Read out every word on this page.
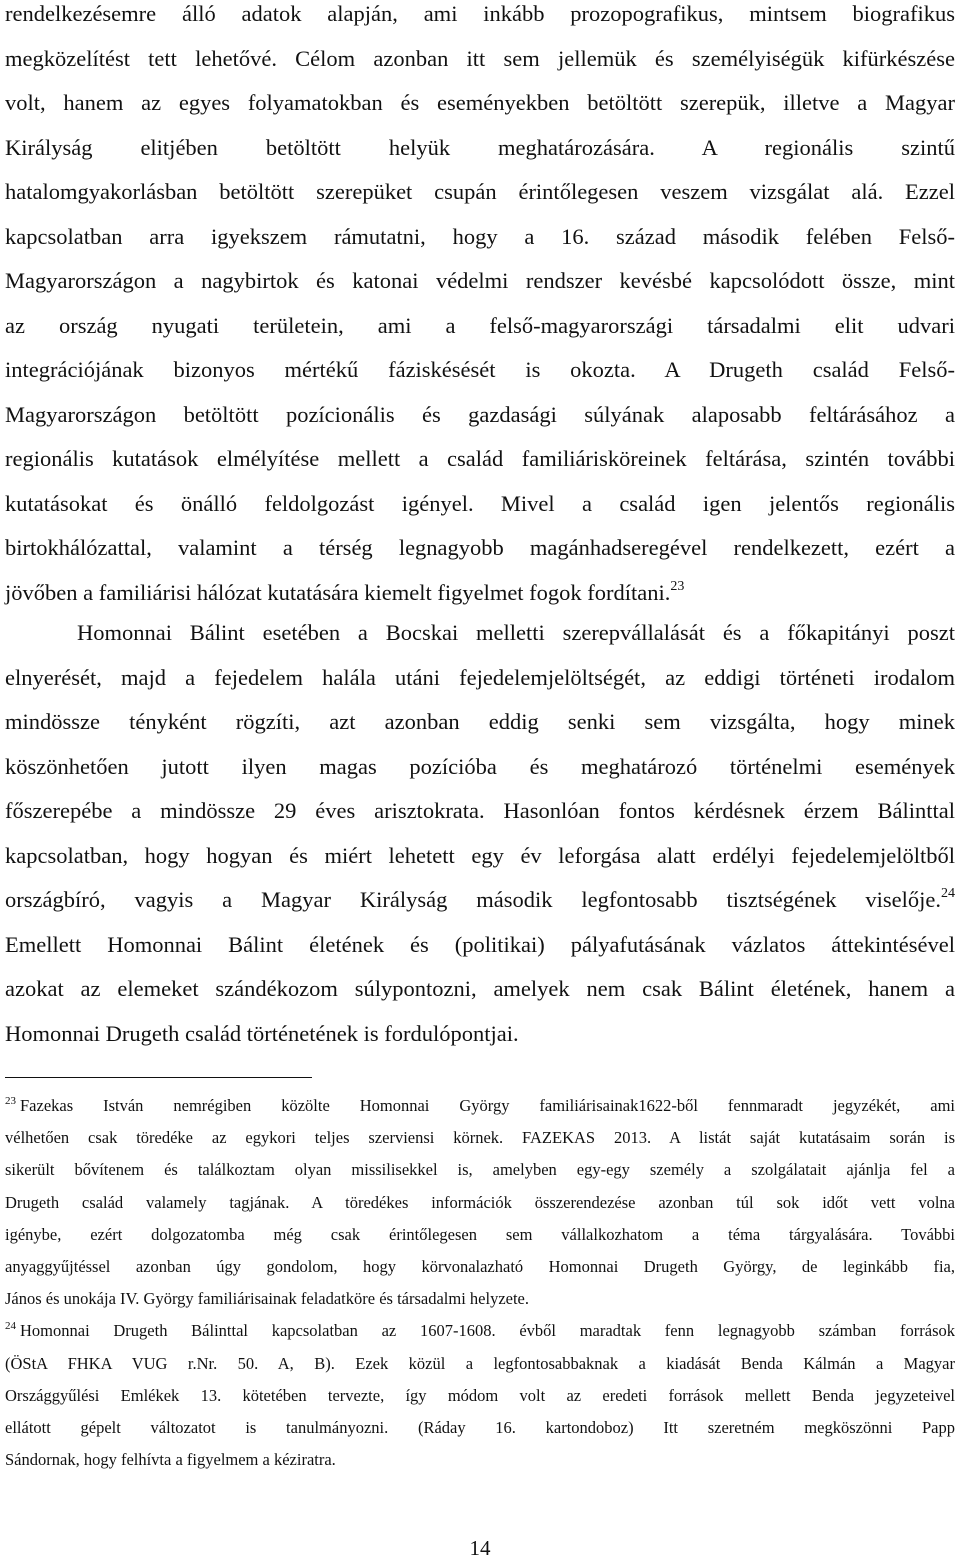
rendelkezésemre álló adatok alapján, ami inkább prozopografikus, mintsem biografikus
megközelítést tett lehetővé. Célom azonban itt sem jellemük és személyiségük kifürkészése
volt, hanem az egyes folyamatokban és eseményekben betöltött szerepük, illetve a Magyar
Királyság elitjében betöltött helyük meghatározására. A regionális szintű
hatalomgyakorlásban betöltött szerepüket csupán érintőlegesen veszem vizsgálat alá. Ezzel
kapcsolatban arra igyekszem rámutatni, hogy a 16. század második felében Felső-
Magyarországon a nagybirtok és katonai védelmi rendszer kevésbé kapcsolódott össze, mint
az ország nyugati területein, ami a felső-magyarországi társadalmi elit udvari
integrációjának bizonyos mértékű fáziskésését is okozta. A Drugeth család Felső-
Magyarországon betöltött pozícionális és gazdasági súlyának alaposabb feltárásához a
regionális kutatások elmélyítése mellett a család familiárisköreinek feltárása, szintén további
kutatásokat és önálló feldolgozást igényel. Mivel a család igen jelentős regionális
birtokhálózattal, valamint a térség legnagyobb magánhadseregével rendelkezett, ezért a
jövőben a familiárisi hálózat kutatására kiemelt figyelmet fogok fordítani.$^{23}$
Homonnai Bálint esetében a Bocskai melletti szerepvállalását és a főkapitányi poszt
elnyerését, majd a fejedelem halála utáni fejedelemjelöltségét, az eddigi történeti irodalom
mindössze tényként rögzíti, azt azonban eddig senki sem vizsgálta, hogy minek
köszönhetően jutott ilyen magas pozícióba és meghatározó történelmi események
főszerepébe a mindössze 29 éves arisztokrata. Hasonlóan fontos kérdésnek érzem Bálinttal
kapcsolatban, hogy hogyan és miért lehetett egy év leforgása alatt erdélyi fejedelemjelöltből
országbíró, vagyis a Magyar Királyság második legfontosabb tisztségének viselője.$^{24}$
Emellett Homonnai Bálint életének és (politikai) pályafutásának vázlatos áttekintésével
azokat az elemeket szándékozom súlypontozni, amelyek nem csak Bálint életének, hanem a
Homonnai Drugeth család történetének is fordulópontjai.
$^{23}$ Fazekas István nemrégiben közölte Homonnai György familiárisainak1622-ből fennmaradt jegyzékét, ami
vélhetően csak töredéke az egykori teljes szerviensi körnek. FAZEKAS 2013. A listát saját kutatásaim során is
sikerült bővítenem és találkoztam olyan missilisekkel is, amelyben egy-egy személy a szolgálatait ajánlja fel a
Drugeth család valamely tagjának. A töredékes információk összerendezése azonban túl sok időt vett volna
igénybe, ezért dolgozatomba még csak érintőlegesen sem vállalkozhatom a téma tárgyalására. További
anyaggyűjtéssel azonban úgy gondolom, hogy körvonalazható Homonnai Drugeth György, de leginkább fia,
János és unokája IV. György familiárisainak feladatköre és társadalmi helyzete.
$^{24}$ Homonnai Drugeth Bálinttal kapcsolatban az 1607-1608. évből maradtak fenn legnagyobb számban források
(ÖStA FHKA VUG r.Nr. 50. A, B). Ezek közül a legfontosabbaknak a kiadását Benda Kálmán a Magyar
Országgyűlési Emlékek 13. kötetében tervezte, így módom volt az eredeti források mellett Benda jegyzeteivel
ellátott gépelt változatot is tanulmányozni. (Ráday 16. kartondoboz) Itt szeretném megköszönni Papp
Sándornak, hogy felhívta a figyelmem a kéziratra.
14
